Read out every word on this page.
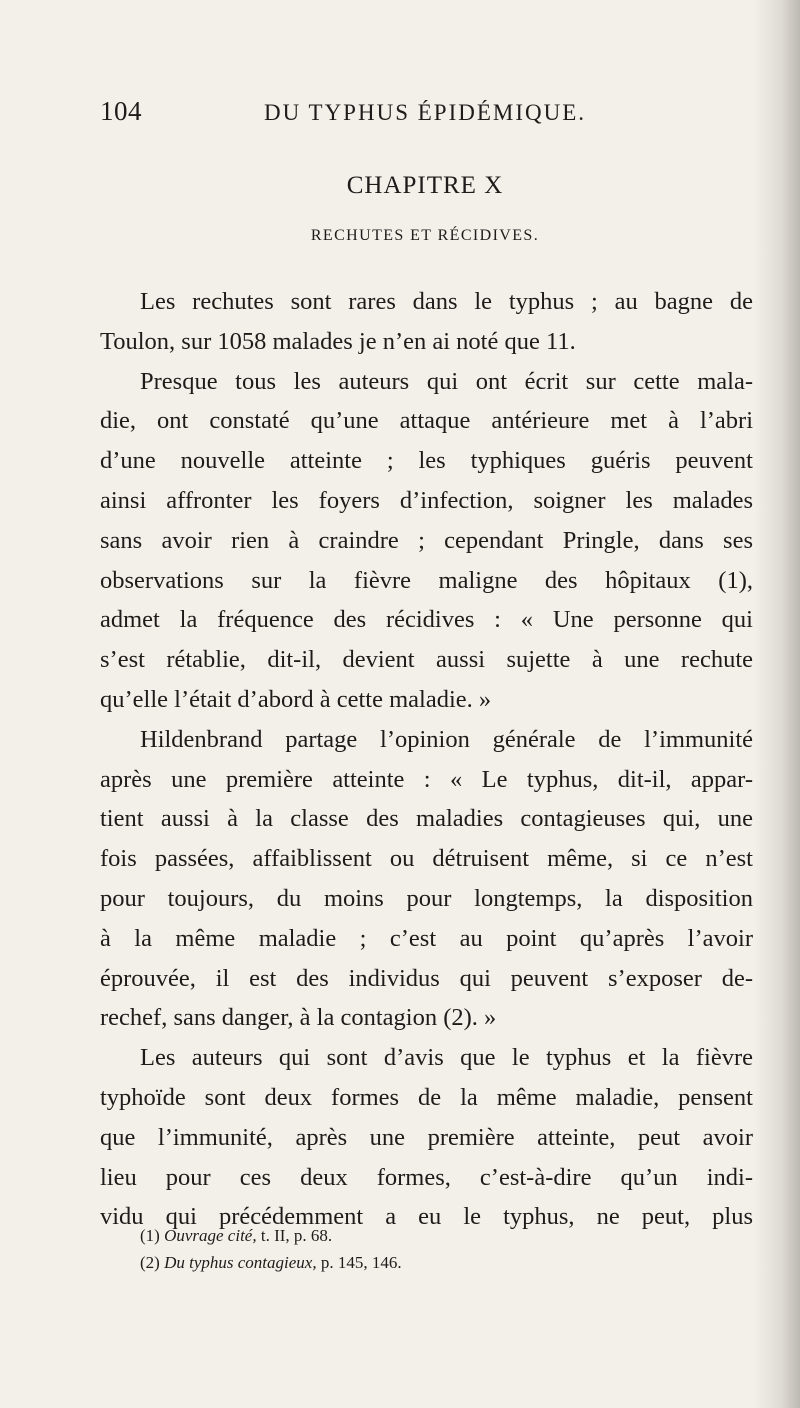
104	DU TYPHUS ÉPIDÉMIQUE.
CHAPITRE X
RECHUTES ET RÉCIDIVES.
Les rechutes sont rares dans le typhus ; au bagne de
Toulon, sur 1058 malades je n’en ai noté que 11.
Presque tous les auteurs qui ont écrit sur cette mala-
die, ont constaté qu’une attaque antérieure met à l’abri
d’une nouvelle atteinte ; les typhiques guéris peuvent
ainsi affronter les foyers d’infection, soigner les malades
sans avoir rien à craindre ; cependant Pringle, dans ses
observations sur la fièvre maligne des hôpitaux (1),
admet la fréquence des récidives : « Une personne qui
s’est rétablie, dit-il, devient aussi sujette à une rechute
qu’elle l’était d’abord à cette maladie. »
Hildenbrand partage l’opinion générale de l’immunité
après une première atteinte : « Le typhus, dit-il, appar-
tient aussi à la classe des maladies contagieuses qui, une
fois passées, affaiblissent ou détruisent même, si ce n’est
pour toujours, du moins pour longtemps, la disposition
à la même maladie ; c’est au point qu’après l’avoir
éprouvée, il est des individus qui peuvent s’exposer de-
rechef, sans danger, à la contagion (2). »
Les auteurs qui sont d’avis que le typhus et la fièvre
typhoïde sont deux formes de la même maladie, pensent
que l’immunité, après une première atteinte, peut avoir
lieu pour ces deux formes, c’est-à-dire qu’un indi-
vidu qui précédemment a eu le typhus, ne peut, plus
(1) Ouvrage cité, t. II, p. 68.
(2) Du typhus contagieux, p. 145, 146.
